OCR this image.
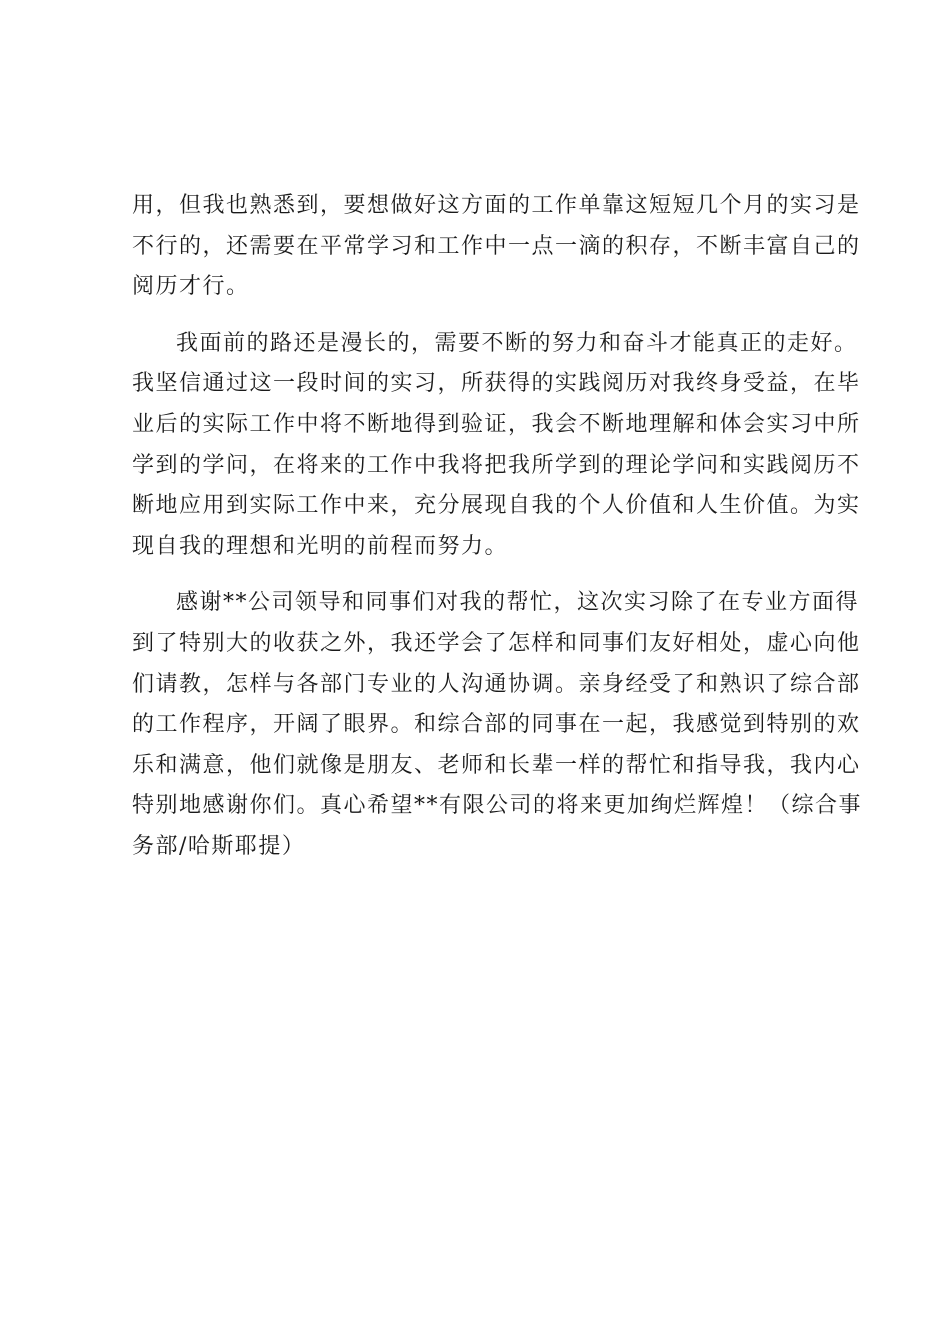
用，但我也熟悉到，要想做好这方面的工作单靠这短短几个月的实习是
不行的，还需要在平常学习和工作中一点一滴的积存，不断丰富自己的
阅历才行。
我面前的路还是漫长的，需要不断的努力和奋斗才能真正的走好。
我坚信通过这一段时间的实习，所获得的实践阅历对我终身受益，在毕
业后的实际工作中将不断地得到验证，我会不断地理解和体会实习中所
学到的学问，在将来的工作中我将把我所学到的理论学问和实践阅历不
断地应用到实际工作中来，充分展现自我的个人价值和人生价值。为实
现自我的理想和光明的前程而努力。
感谢**公司领导和同事们对我的帮忙，这次实习除了在专业方面得
到了特别大的收获之外，我还学会了怎样和同事们友好相处，虚心向他
们请教，怎样与各部门专业的人沟通协调。亲身经受了和熟识了综合部
的工作程序，开阔了眼界。和综合部的同事在一起，我感觉到特别的欢
乐和满意，他们就像是朋友、老师和长辈一样的帮忙和指导我，我内心
特别地感谢你们。真心希望**有限公司的将来更加绚烂辉煌！（综合事
务部/哈斯耶提）
